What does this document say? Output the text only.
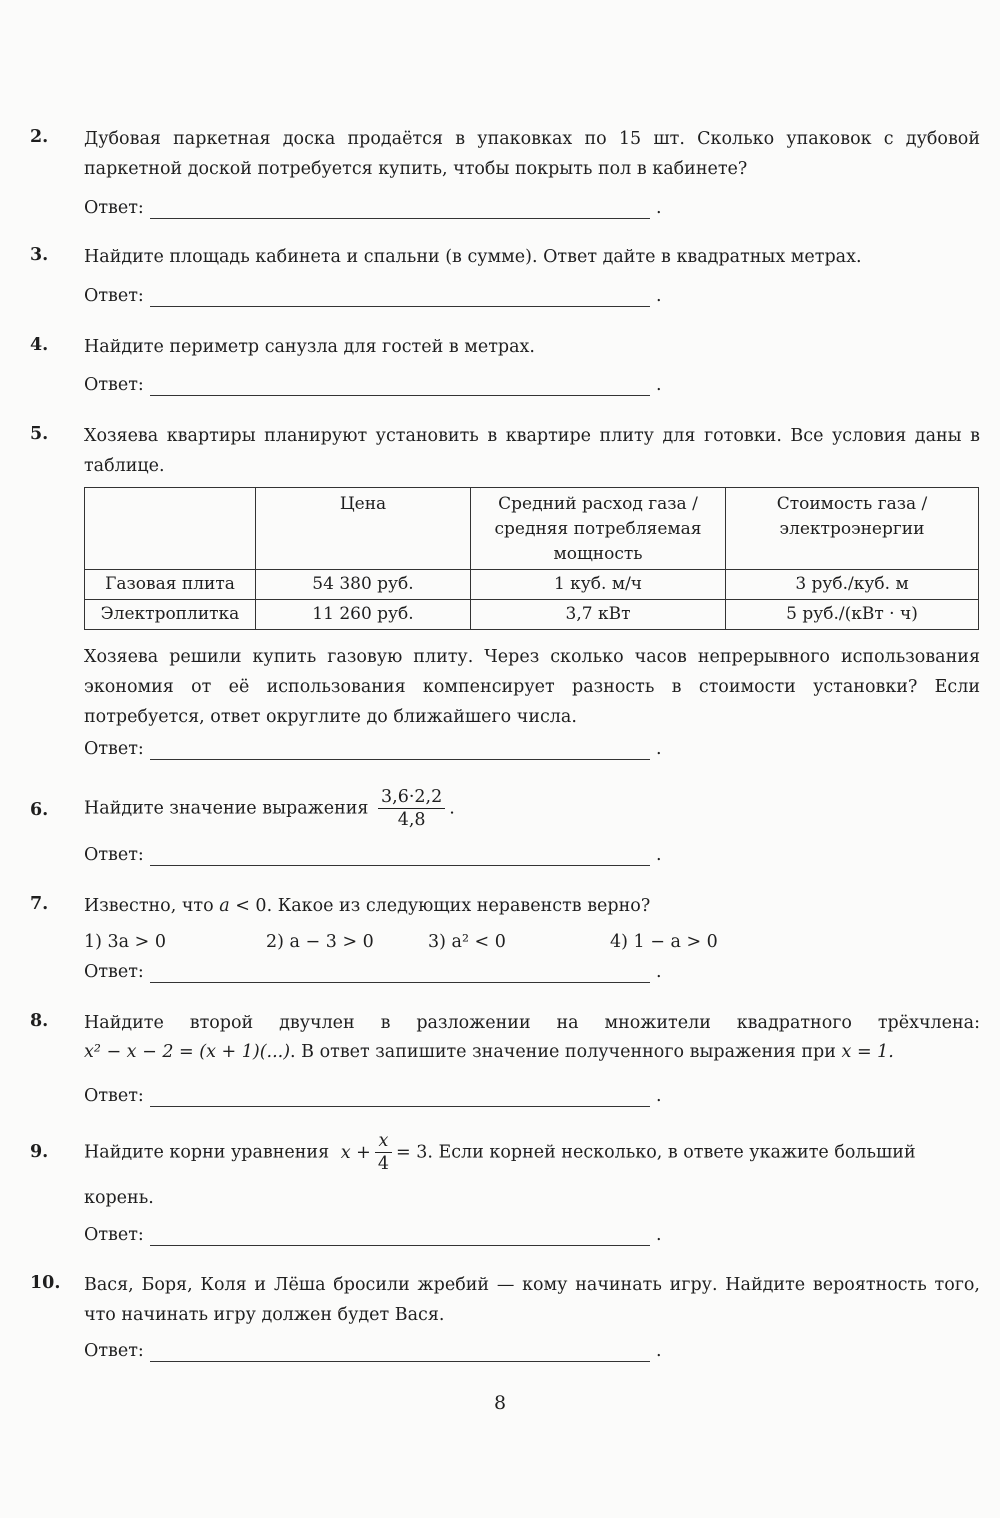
2. Дубовая паркетная доска продаётся в упаковках по 15 шт. Сколько упаковок с дубовой паркетной доской потребуется купить, чтобы покрыть пол в кабинете?
Ответ:	.
3. Найдите площадь кабинета и спальни (в сумме). Ответ дайте в квадратных метрах.
Ответ:	.
4. Найдите периметр санузла для гостей в метрах.
Ответ:	.
5. Хозяева квартиры планируют установить в квартире плиту для готовки. Все условия даны в таблице.
	Цена	Средний расход газа / средняя потребляемая мощность	Стоимость газа / электроэнергии
Газовая плита	54 380 руб.	1 куб. м/ч	3 руб./куб. м
Электроплитка	11 260 руб.	3,7 кВт	5 руб./(кВт · ч)
Хозяева решили купить газовую плиту. Через сколько часов непрерывного использования экономия от её использования компенсирует разность в стоимости установки? Если потребуется, ответ округлите до ближайшего числа.
Ответ:	.
6. Найдите значение выражения $\frac{3,6\cdot 2,2}{4,8}$ .
Ответ:	.
7. Известно, что a < 0. Какое из следующих неравенств верно?
1) 3a > 0	2) a − 3 > 0	3) a² < 0	4) 1 − a > 0
Ответ:	.
8. Найдите второй двучлен в разложении на множители квадратного трёхчлена:
x² − x − 2 = (x + 1)(...). В ответ запишите значение полученного выражения при x = 1.
Ответ:	.
9. Найдите корни уравнения $x + \frac{x}{4} = 3$. Если корней несколько, в ответе укажите больший
корень.
Ответ:	.
10. Вася, Боря, Коля и Лёша бросили жребий — кому начинать игру. Найдите вероятность того, что начинать игру должен будет Вася.
Ответ:	.
8
